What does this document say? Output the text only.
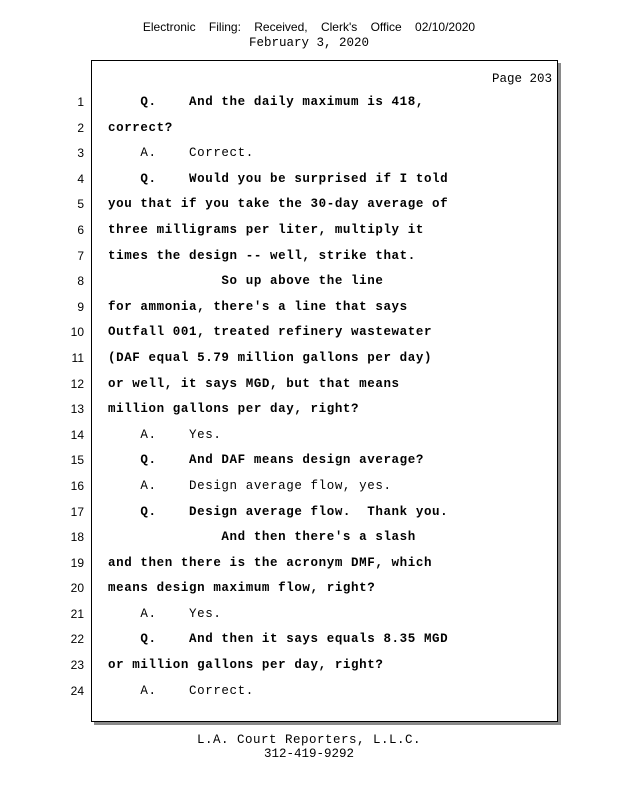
Electronic Filing: Received, Clerk's Office 02/10/2020
February 3, 2020
Page 203
1 Q.    And the daily maximum is 418,
2 correct?
3 A.    Correct.
4 Q.    Would you be surprised if I told
5 you that if you take the 30-day average of
6 three milligrams per liter, multiply it
7 times the design -- well, strike that.
8 So up above the line
9 for ammonia, there's a line that says
10 Outfall 001, treated refinery wastewater
11 (DAF equal 5.79 million gallons per day)
12 or well, it says MGD, but that means
13 million gallons per day, right?
14 A.    Yes.
15 Q.    And DAF means design average?
16 A.    Design average flow, yes.
17 Q.    Design average flow.  Thank you.
18 And then there's a slash
19 and then there is the acronym DMF, which
20 means design maximum flow, right?
21 A.    Yes.
22 Q.    And then it says equals 8.35 MGD
23 or million gallons per day, right?
24 A.    Correct.
L.A. Court Reporters, L.L.C.
312-419-9292
